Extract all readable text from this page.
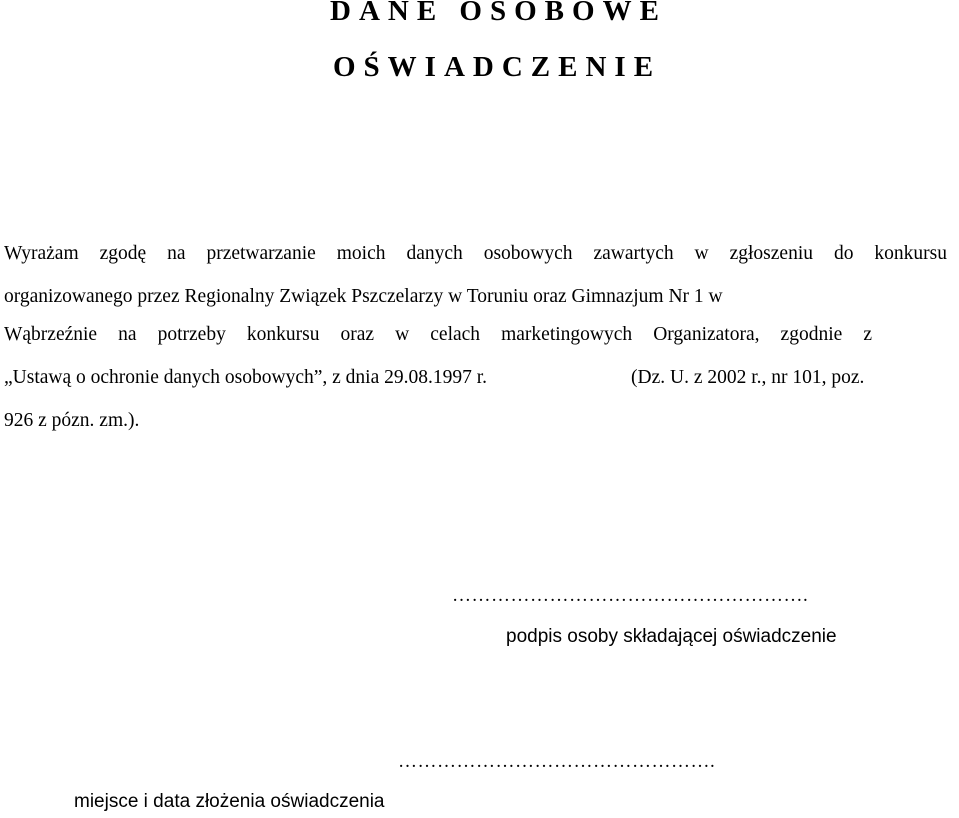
DANE OSOBOWE
OŚWIADCZENIE
Wyrażam zgodę na przetwarzanie moich danych osobowych zawartych w zgłoszeniu do konkursu
organizowanego przez Regionalny Związek Pszczelarzy w Toruniu oraz Gimnazjum Nr 1 w
Wąbrzeźnie na potrzeby konkursu oraz w celach marketingowych Organizatora, zgodnie z
„Ustawą o ochronie danych osobowych”, z dnia 29.08.1997 r.	(Dz. U. z 2002 r., nr 101, poz.
926 z pózn. zm.).
……………………………………………….
podpis osoby składającej oświadczenie
………………………………………….
miejsce i data złożenia oświadczenia
